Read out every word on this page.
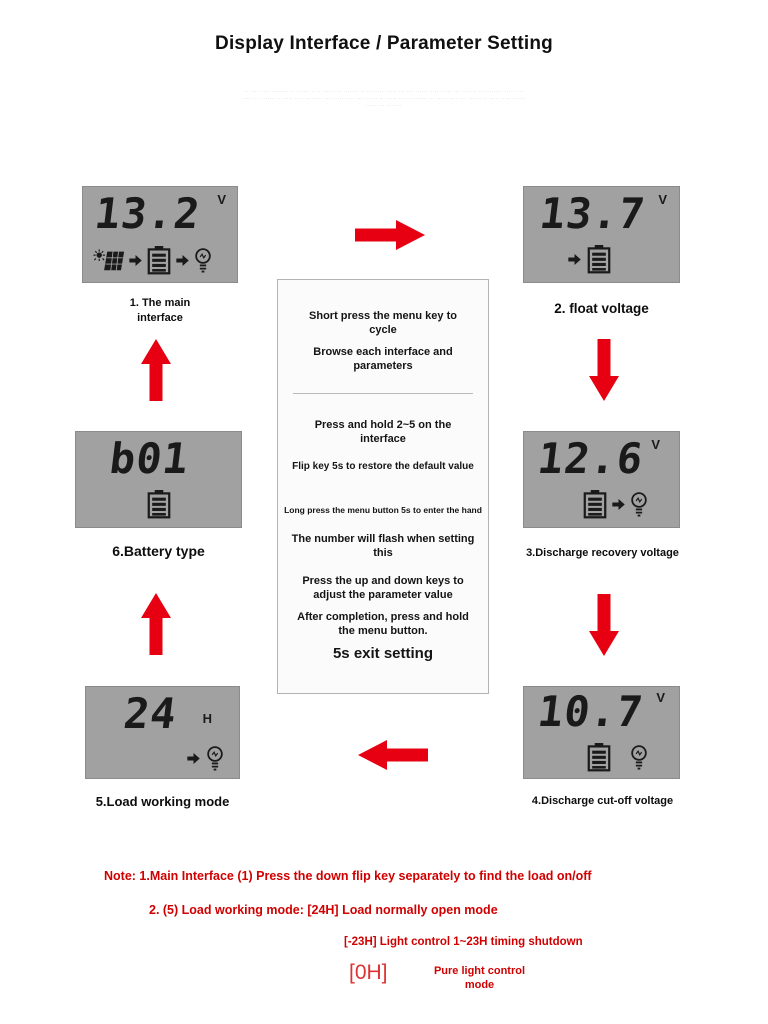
Display Interface / Parameter Setting
·· ····· ··· ········ ·· ······ ···· ····· ··· ······· ·· ········ ····· ··· ··· ······ ···· ····· ··· ······· ·· ········ ····· ···
···· ··· ······ ·· ····· ···· ········ ··· ····· ···· ··· ······ ·· ····· ···· ········ ··· ····· ···· ··· ······ ·· ····· ···· ······
····· ··· ·······
13.2 V
1. The main interface
13.7 V
2. float voltage
12.6 V
3.Discharge recovery voltage
10.7 V
4.Discharge cut-off voltage
24 H
5.Load working mode
b01
6.Battery type

Short press the menu key to cycle

Browse each interface and parameters

Press and hold 2~5 on the interface

Flip key 5s to restore the default value

Long press the menu button 5s to enter the hand

The number will flash when setting this

Press the up and down keys to adjust the parameter value

After completion, press and hold the menu button.

5s exit setting

Note: 1.Main Interface (1) Press the down flip key separately to find the load on/off
2. (5) Load working mode: [24H] Load normally open mode
[-23H] Light control 1~23H timing shutdown
[0H]	Pure light control mode
